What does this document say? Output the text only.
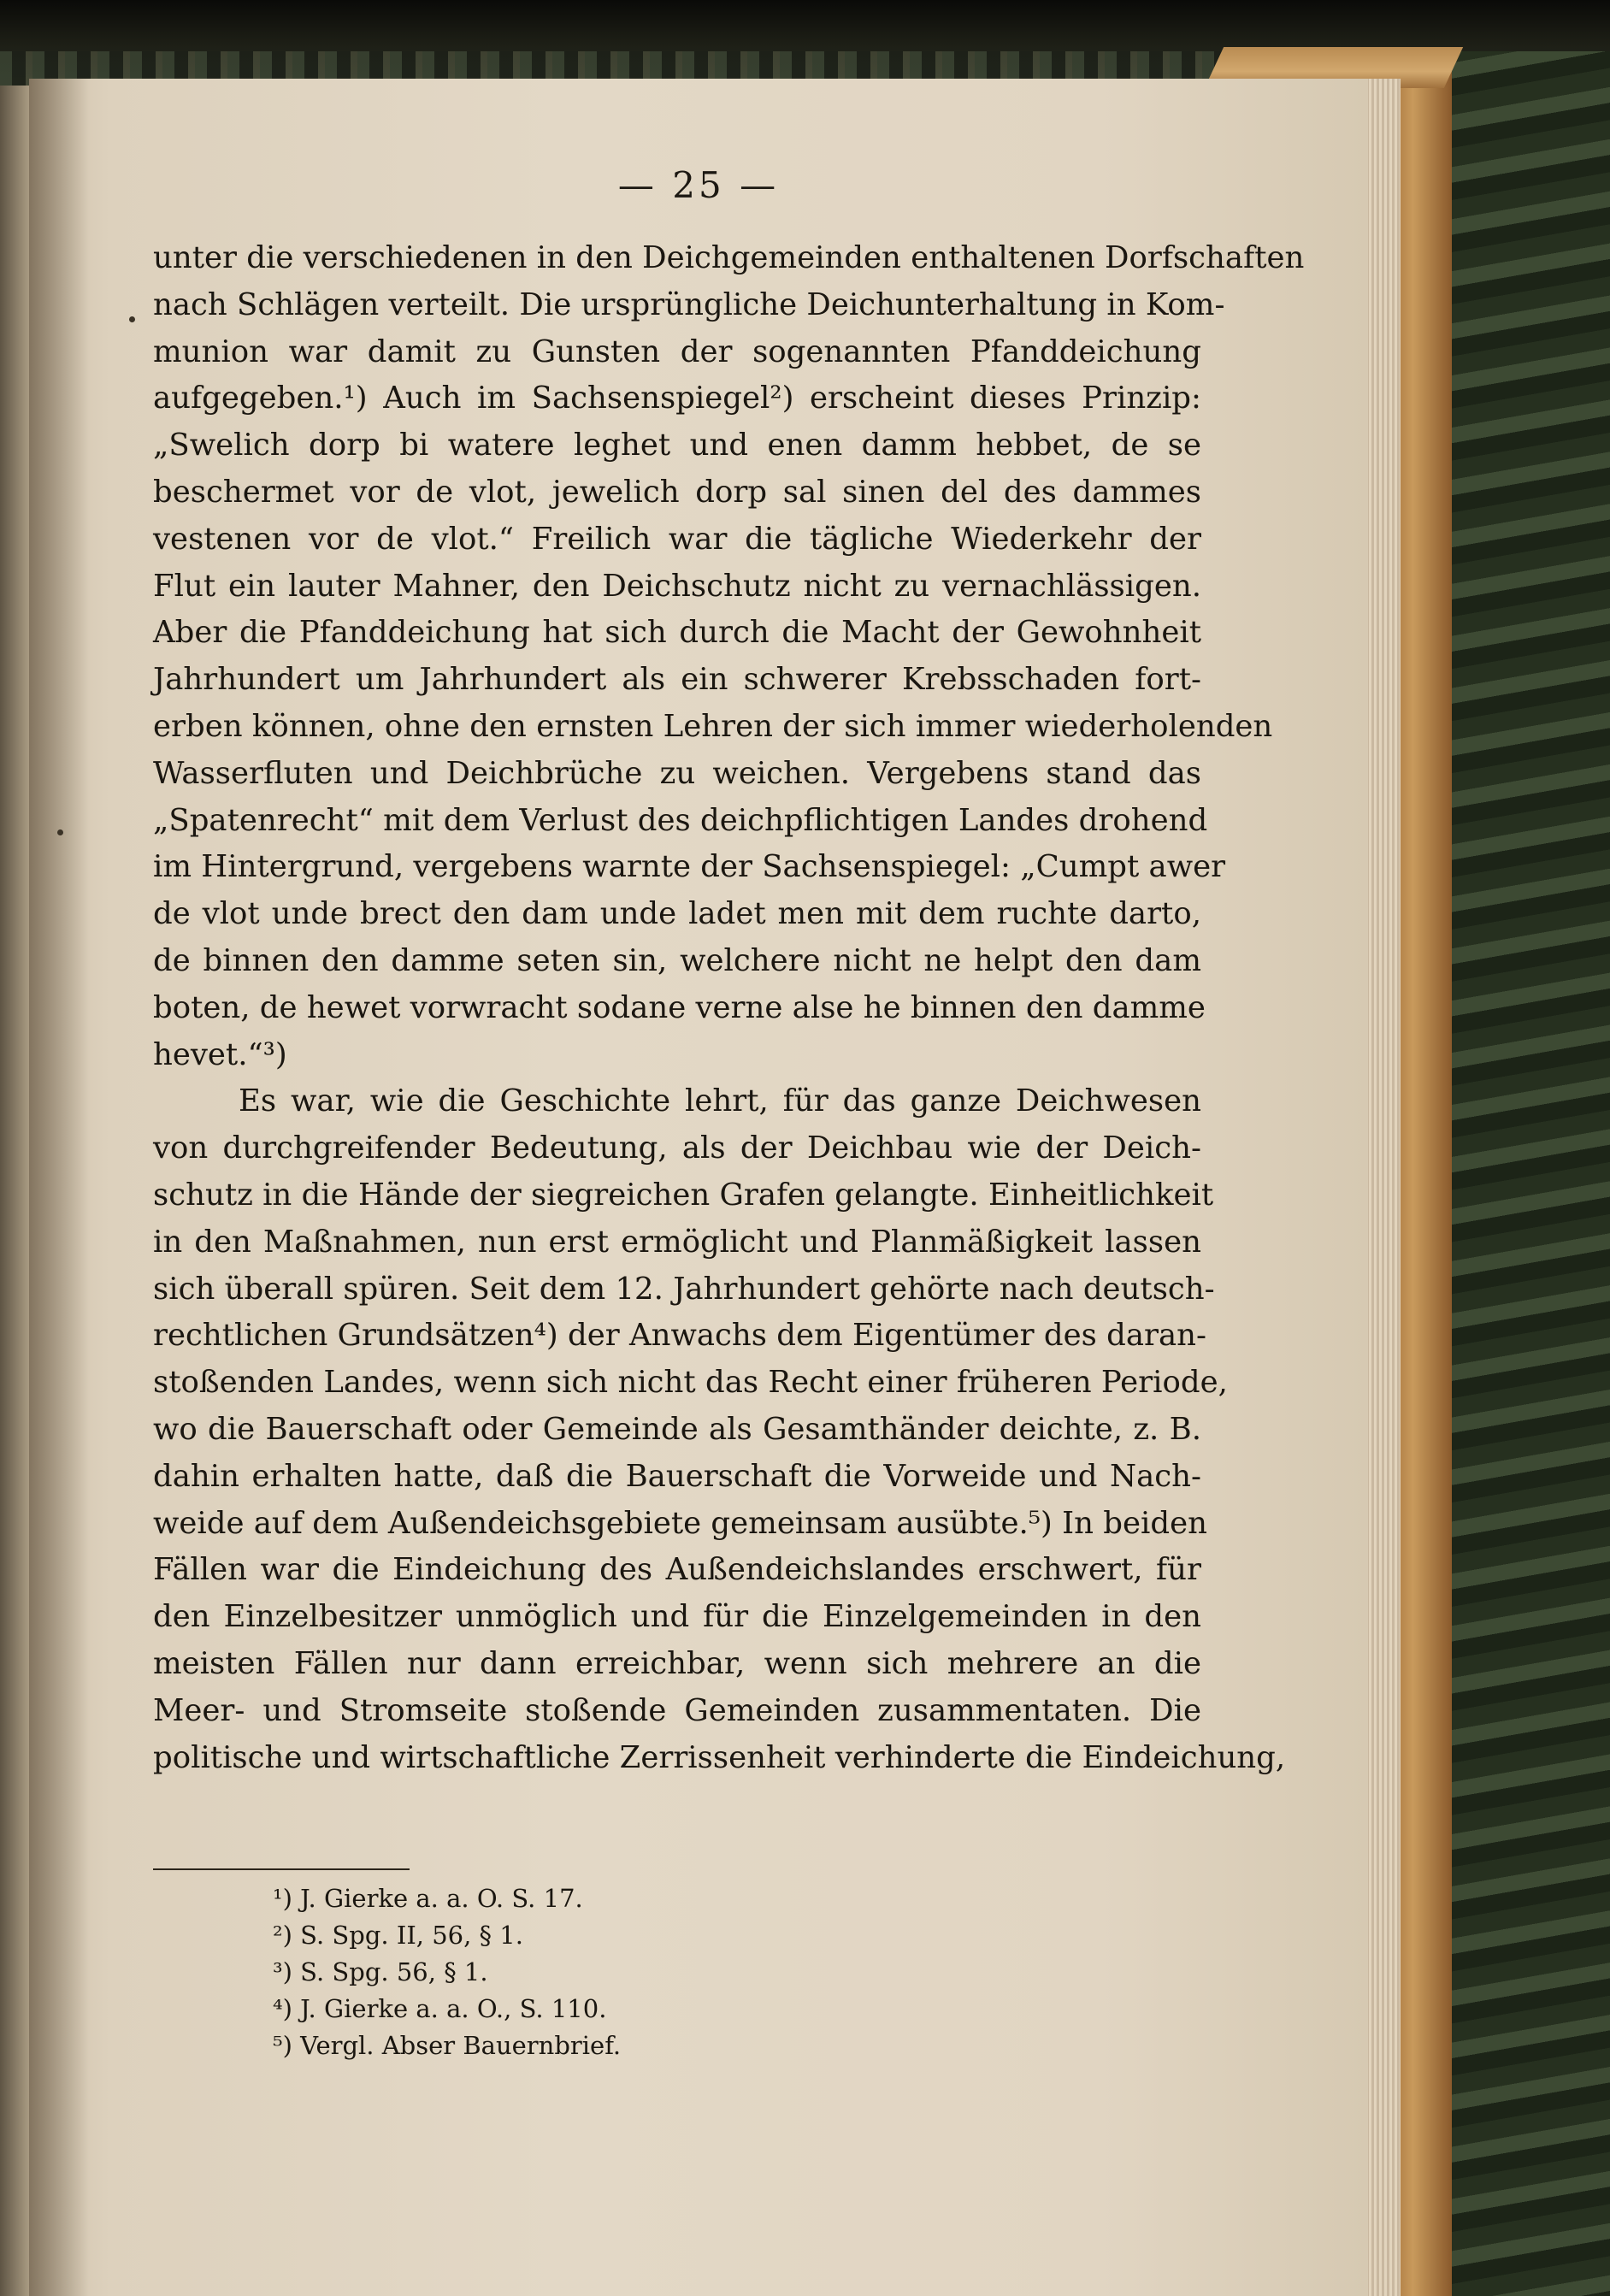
— 25 —
unter die verschiedenen in den Deichgemeinden enthaltenen Dorfschaften
nach Schlägen verteilt. Die ursprüngliche Deichunterhaltung in Kom-
munion war damit zu Gunsten der sogenannten Pfanddeichung
aufgegeben.¹) Auch im Sachsenspiegel²) erscheint dieses Prinzip:
„Swelich dorp bi watere leghet und enen damm hebbet, de se
beschermet vor de vlot, jewelich dorp sal sinen del des dammes
vestenen vor de vlot.“ Freilich war die tägliche Wiederkehr der
Flut ein lauter Mahner, den Deichschutz nicht zu vernachlässigen.
Aber die Pfanddeichung hat sich durch die Macht der Gewohnheit
Jahrhundert um Jahrhundert als ein schwerer Krebsschaden fort-
erben können, ohne den ernsten Lehren der sich immer wiederholenden
Wasserfluten und Deichbrüche zu weichen. Vergebens stand das
„Spatenrecht“ mit dem Verlust des deichpflichtigen Landes drohend
im Hintergrund, vergebens warnte der Sachsenspiegel: „Cumpt awer
de vlot unde brect den dam unde ladet men mit dem ruchte darto,
de binnen den damme seten sin, welchere nicht ne helpt den dam
boten, de hewet vorwracht sodane verne alse he binnen den damme
hevet.“³)
Es war, wie die Geschichte lehrt, für das ganze Deichwesen
von durchgreifender Bedeutung, als der Deichbau wie der Deich-
schutz in die Hände der siegreichen Grafen gelangte. Einheitlichkeit
in den Maßnahmen, nun erst ermöglicht und Planmäßigkeit lassen
sich überall spüren. Seit dem 12. Jahrhundert gehörte nach deutsch-
rechtlichen Grundsätzen⁴) der Anwachs dem Eigentümer des daran-
stoßenden Landes, wenn sich nicht das Recht einer früheren Periode,
wo die Bauerschaft oder Gemeinde als Gesamthänder deichte, z. B.
dahin erhalten hatte, daß die Bauerschaft die Vorweide und Nach-
weide auf dem Außendeichsgebiete gemeinsam ausübte.⁵) In beiden
Fällen war die Eindeichung des Außendeichslandes erschwert, für
den Einzelbesitzer unmöglich und für die Einzelgemeinden in den
meisten Fällen nur dann erreichbar, wenn sich mehrere an die
Meer- und Stromseite stoßende Gemeinden zusammentaten. Die
politische und wirtschaftliche Zerrissenheit verhinderte die Eindeichung,
¹) J. Gierke a. a. O. S. 17.
²) S. Spg. II, 56, § 1.
³) S. Spg. 56, § 1.
⁴) J. Gierke a. a. O., S. 110.
⁵) Vergl. Abser Bauernbrief.
